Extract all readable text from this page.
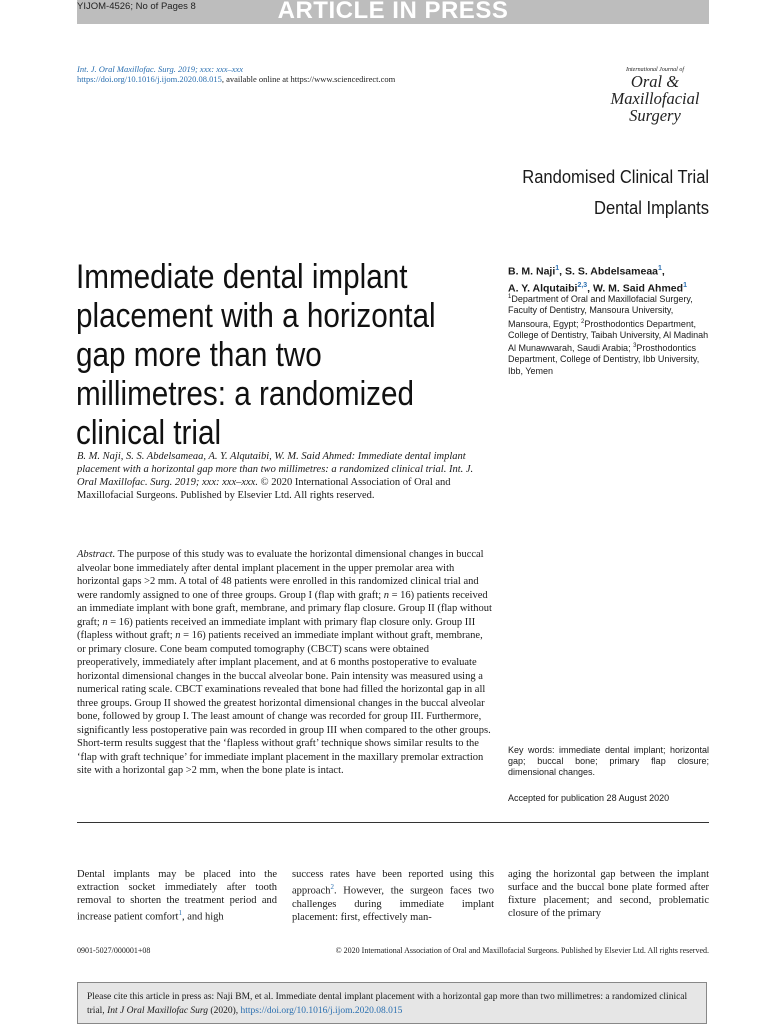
ARTICLE IN PRESS
YIJOM-4526; No of Pages 8
Int. J. Oral Maxillofac. Surg. 2019; xxx: xxx–xxx
https://doi.org/10.1016/j.ijom.2020.08.015, available online at https://www.sciencedirect.com
International Journal of
Oral &
Maxillofacial
Surgery
Randomised Clinical Trial
Dental Implants
Immediate dental implant placement with a horizontal gap more than two millimetres: a randomized clinical trial
B. M. Naji$^1$, S. S. Abdelsameaa$^1$,
A. Y. Alqutaibi$^{2,3}$, W. M. Said Ahmed$^1$
$^1$Department of Oral and Maxillofacial Surgery, Faculty of Dentistry, Mansoura University, Mansoura, Egypt; $^2$Prosthodontics Department, College of Dentistry, Taibah University, Al Madinah Al Munawwarah, Saudi Arabia; $^3$Prosthodontics Department, College of Dentistry, Ibb University, Ibb, Yemen
B. M. Naji, S. S. Abdelsameaa, A. Y. Alqutaibi, W. M. Said Ahmed: Immediate dental implant placement with a horizontal gap more than two millimetres: a randomized clinical trial. Int. J. Oral Maxillofac. Surg. 2019; xxx: xxx–xxx. © 2020 International Association of Oral and Maxillofacial Surgeons. Published by Elsevier Ltd. All rights reserved.
Abstract. The purpose of this study was to evaluate the horizontal dimensional changes in buccal alveolar bone immediately after dental implant placement in the upper premolar area with horizontal gaps >2 mm. A total of 48 patients were enrolled in this randomized clinical trial and were randomly assigned to one of three groups. Group I (flap with graft; n = 16) patients received an immediate implant with bone graft, membrane, and primary flap closure. Group II (flap without graft; n = 16) patients received an immediate implant with primary flap closure only. Group III (flapless without graft; n = 16) patients received an immediate implant without graft, membrane, or primary closure. Cone beam computed tomography (CBCT) scans were obtained preoperatively, immediately after implant placement, and at 6 months postoperative to evaluate horizontal dimensional changes in the buccal alveolar bone. Pain intensity was measured using a numerical rating scale. CBCT examinations revealed that bone had filled the horizontal gap in all three groups. Group II showed the greatest horizontal dimensional changes in the buccal alveolar bone, followed by group I. The least amount of change was recorded for group III. Furthermore, significantly less postoperative pain was recorded in group III when compared to the other groups. Short-term results suggest that the ‘flapless without graft’ technique shows similar results to the ‘flap with graft technique’ for immediate implant placement in the maxillary premolar extraction site with a horizontal gap >2 mm, when the bone plate is intact.
Key words: immediate dental implant; horizontal gap; buccal bone; primary flap closure; dimensional changes.
Accepted for publication 28 August 2020
Dental implants may be placed into the extraction socket immediately after tooth removal to shorten the treatment period and increase patient comfort$^1$, and high
success rates have been reported using this approach$^2$. However, the surgeon faces two challenges during immediate implant placement: first, effectively man-
aging the horizontal gap between the implant surface and the buccal bone plate formed after fixture placement; and second, problematic closure of the primary
0901-5027/000001+08	© 2020 International Association of Oral and Maxillofacial Surgeons. Published by Elsevier Ltd. All rights reserved.
Please cite this article in press as: Naji BM, et al. Immediate dental implant placement with a horizontal gap more than two millimetres: a randomized clinical trial, Int J Oral Maxillofac Surg (2020), https://doi.org/10.1016/j.ijom.2020.08.015
